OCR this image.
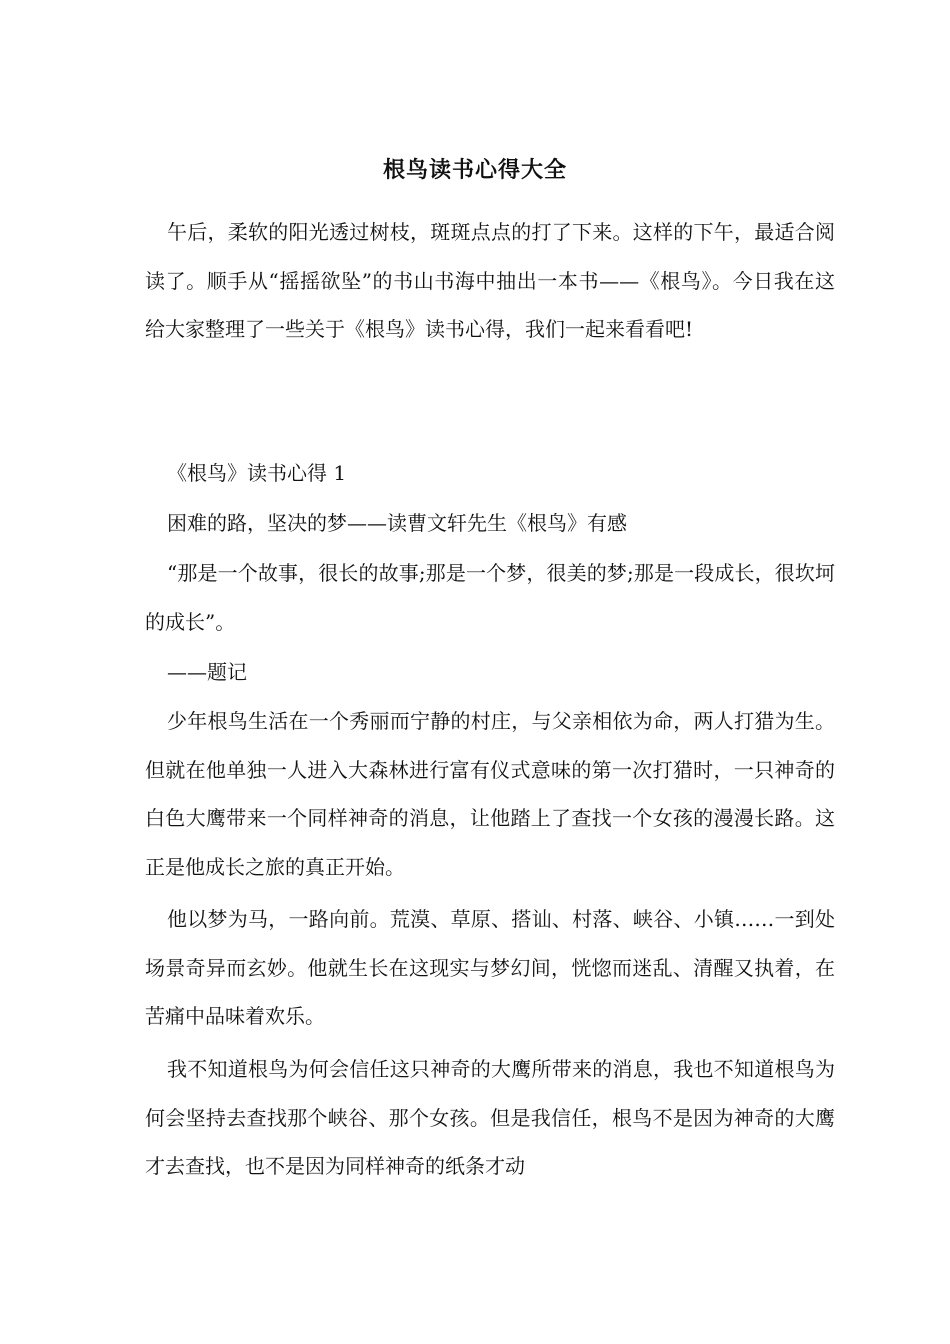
根鸟读书心得大全
午后，柔软的阳光透过树枝，斑斑点点的打了下来。这样的下午，最适合阅读了。顺手从“摇摇欲坠”的书山书海中抽出一本书——《根鸟》。今日我在这给大家整理了一些关于《根鸟》读书心得，我们一起来看看吧!
《根鸟》读书心得 1
困难的路，坚决的梦——读曹文轩先生《根鸟》有感
“那是一个故事，很长的故事;那是一个梦，很美的梦;那是一段成长，很坎坷的成长”。
——题记
少年根鸟生活在一个秀丽而宁静的村庄，与父亲相依为命，两人打猎为生。但就在他单独一人进入大森林进行富有仪式意味的第一次打猎时，一只神奇的白色大鹰带来一个同样神奇的消息，让他踏上了查找一个女孩的漫漫长路。这正是他成长之旅的真正开始。
他以梦为马，一路向前。荒漠、草原、搭讪、村落、峡谷、小镇……一到处场景奇异而玄妙。他就生长在这现实与梦幻间，恍惚而迷乱、清醒又执着，在苦痛中品味着欢乐。
我不知道根鸟为何会信任这只神奇的大鹰所带来的消息，我也不知道根鸟为何会坚持去查找那个峡谷、那个女孩。但是我信任，根鸟不是因为神奇的大鹰才去查找，也不是因为同样神奇的纸条才动
